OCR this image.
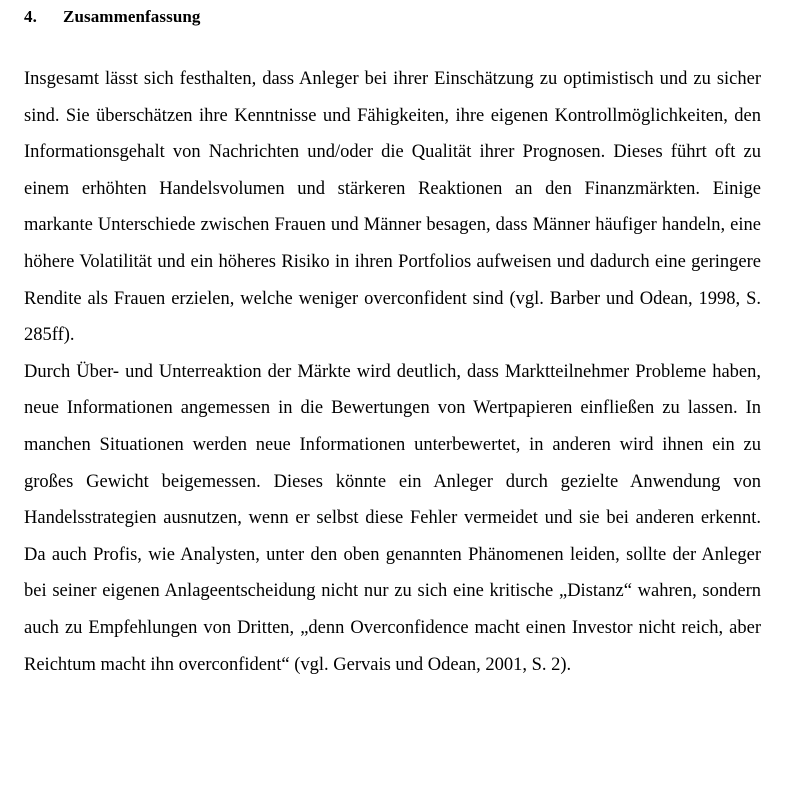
4.	Zusammenfassung

Insgesamt lässt sich festhalten, dass Anleger bei ihrer Einschätzung zu optimistisch und zu sicher sind. Sie überschätzen ihre Kenntnisse und Fähigkeiten, ihre eigenen Kontrollmöglichkeiten, den Informationsgehalt von Nachrichten und/oder die Qualität ihrer Prognosen. Dieses führt oft zu einem erhöhten Handelsvolumen und stärkeren Reaktionen an den Finanzmärkten. Einige markante Unterschiede zwischen Frauen und Männer besagen, dass Männer häufiger handeln, eine höhere Volatilität und ein höheres Risiko in ihren Portfolios aufweisen und dadurch eine geringere Rendite als Frauen erzielen, welche weniger overconfident sind (vgl. Barber und Odean, 1998, S. 285ff).

Durch Über- und Unterreaktion der Märkte wird deutlich, dass Marktteilnehmer Probleme haben, neue Informationen angemessen in die Bewertungen von Wertpapieren einfließen zu lassen. In manchen Situationen werden neue Informationen unterbewertet, in anderen wird ihnen ein zu großes Gewicht beigemessen. Dieses könnte ein Anleger durch gezielte Anwendung von Handelsstrategien ausnutzen, wenn er selbst diese Fehler vermeidet und sie bei anderen erkennt. Da auch Profis, wie Analysten, unter den oben genannten Phänomenen leiden, sollte der Anleger bei seiner eigenen Anlageentscheidung nicht nur zu sich eine kritische „Distanz“ wahren, sondern auch zu Empfehlungen von Dritten, „denn Overconfidence macht einen Investor nicht reich, aber Reichtum macht ihn overconfident“ (vgl. Gervais und Odean, 2001, S. 2).
